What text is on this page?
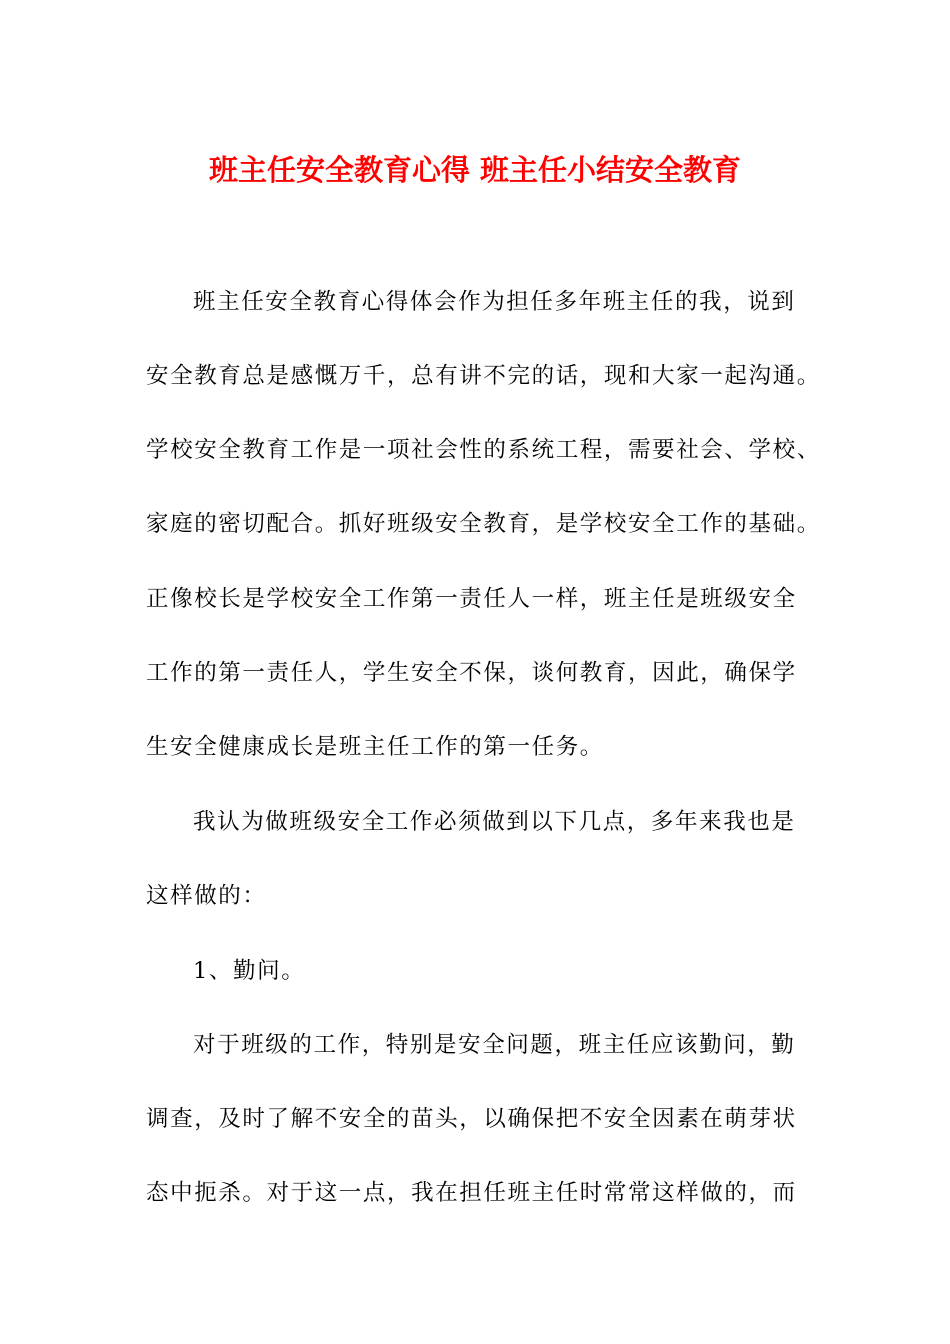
班主任安全教育心得 班主任小结安全教育
班主任安全教育心得体会作为担任多年班主任的我，说到
安全教育总是感慨万千，总有讲不完的话，现和大家一起沟通。
学校安全教育工作是一项社会性的系统工程，需要社会、学校、
家庭的密切配合。抓好班级安全教育，是学校安全工作的基础。
正像校长是学校安全工作第一责任人一样，班主任是班级安全
工作的第一责任人，学生安全不保，谈何教育，因此，确保学
生安全健康成长是班主任工作的第一任务。
我认为做班级安全工作必须做到以下几点，多年来我也是
这样做的：
1、勤问。
对于班级的工作，特别是安全问题，班主任应该勤问，勤
调查，及时了解不安全的苗头，以确保把不安全因素在萌芽状
态中扼杀。对于这一点，我在担任班主任时常常这样做的，而
